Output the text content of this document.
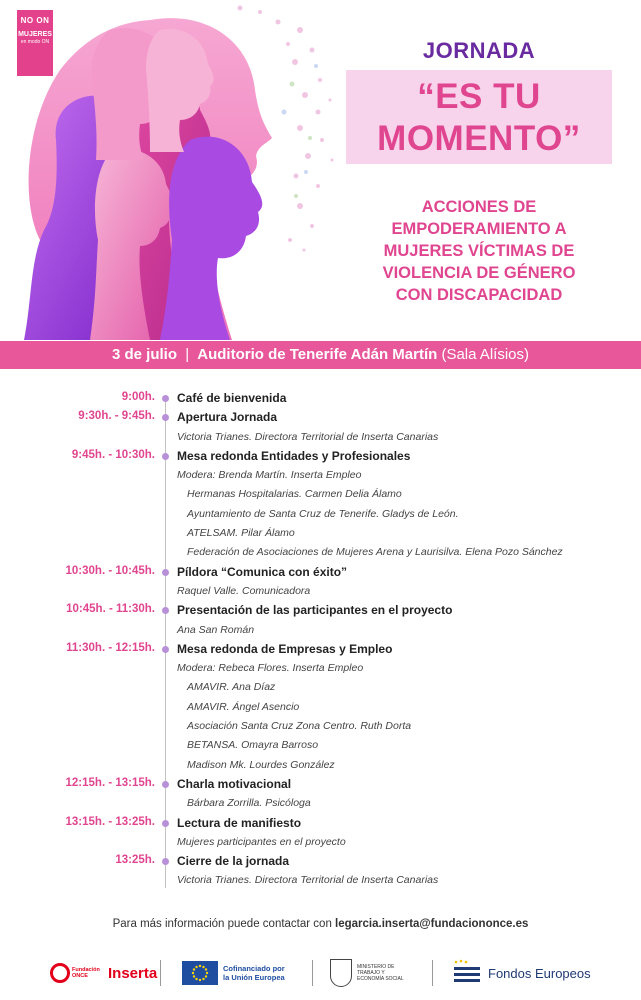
NO ON
MUJERES
en modo ON	JORNADA
“ES TU
MOMENTO”
ACCIONES DE
EMPODERAMIENTO A
MUJERES VÍCTIMAS DE
VIOLENCIA DE GÉNERO
CON DISCAPACIDAD
3 de julio | Auditorio de Tenerife Adán Martín (Sala Alísios)
9:00h. Café de bienvenida
9:30h. - 9:45h. Apertura Jornada
Victoria Trianes. Directora Territorial de Inserta Canarias
9:45h. - 10:30h. Mesa redonda Entidades y Profesionales
Modera: Brenda Martín. Inserta Empleo
Hermanas Hospitalarias. Carmen Delia Álamo
Ayuntamiento de Santa Cruz de Tenerife. Gladys de León.
ATELSAM. Pilar Álamo
Federación de Asociaciones de Mujeres Arena y Laurisilva. Elena Pozo Sánchez
10:30h. - 10:45h. Píldora “Comunica con éxito”
Raquel Valle. Comunicadora
10:45h. - 11:30h. Presentación de las participantes en el proyecto
Ana San Román
11:30h. - 12:15h. Mesa redonda de Empresas y Empleo
Modera: Rebeca Flores. Inserta Empleo
AMAVIR. Ana Díaz
AMAVIR. Ángel Asencio
Asociación Santa Cruz Zona Centro. Ruth Dorta
BETANSA. Omayra Barroso
Madison Mk. Lourdes González
12:15h. - 13:15h. Charla motivacional
Bárbara Zorrilla. Psicóloga
13:15h. - 13:25h. Lectura de manifiesto
Mujeres participantes en el proyecto
13:25h. Cierre de la jornada
Victoria Trianes. Directora Territorial de Inserta Canarias
Para más información puede contactar con legarcia.inserta@fundaciononce.es
Fundación ONCE	Inserta	Cofinanciado por
la Unión Europea
MINISTERIO DE TRABAJO Y ECONOMÍA SOCIAL	Fondos Europeos
